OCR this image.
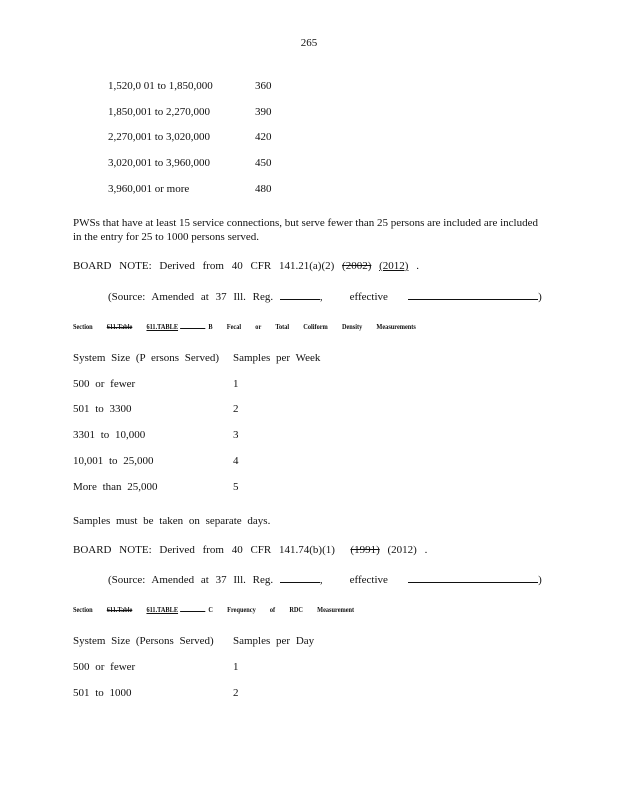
265
1,520,0 01 to 1,850,000	360
1,850,001 to 2,270,000	390
2,270,001 to 3,020,000	420
3,020,001 to 3,960,000	450
3,960,001 or more	480
PWSs that have at least 15 service connections, but serve fewer than 25 persons are included are included in the entry for 25 to 1000 persons served.
BOARD NOTE: Derived from 40 CFR 141.21(a)(2) (2002) (2012) .
(Source: Amended at 37 Ill. Reg.	, effective	)
Section 611.Table 611.TABLE	B Fecal or Total Coliform Density Measurements
System Size (P ersons Served) Samples per Week
500 or fewer	1
501 to 3300	2
3301 to 10,000	3
10,001 to 25,000	4
More than 25,000	5
Samples must be taken on separate days.
BOARD NOTE: Derived from 40 CFR 141.74(b)(1) (1991) (2012) .
(Source: Amended at 37 Ill. Reg.	, effective	)
Section 611.Table 611.TABLE	C Frequency of RDC Measurement
System Size (Persons Served) Samples per Day
500 or fewer	1
501 to 1000	2
